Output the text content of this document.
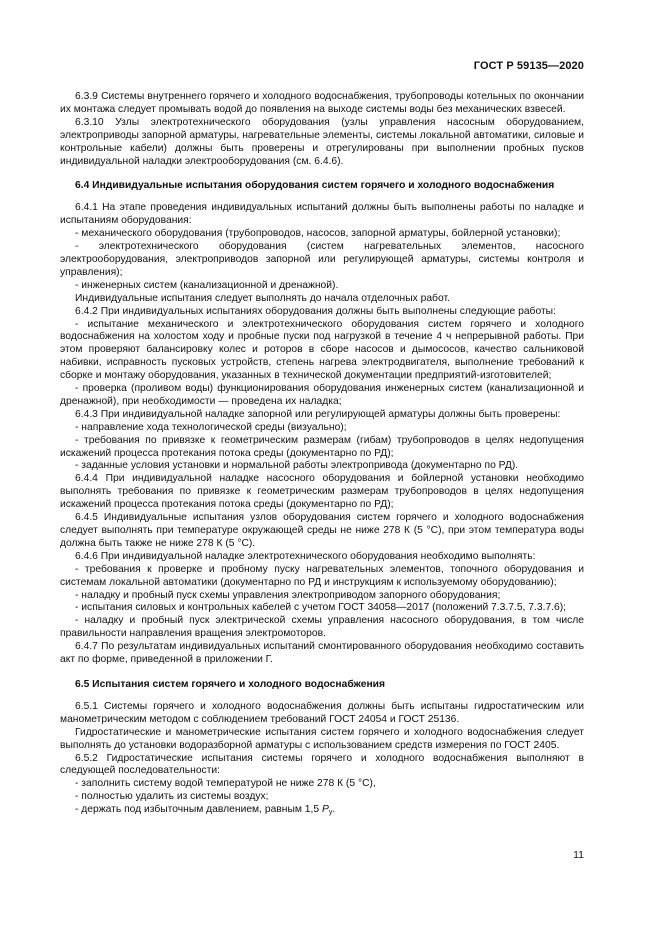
ГОСТ Р 59135—2020

6.3.9 Системы внутреннего горячего и холодного водоснабжения, трубопроводы котельных по окончании их монтажа следует промывать водой до появления на выходе системы воды без механических взвесей.

6.3.10 Узлы электротехнического оборудования (узлы управления насосным оборудованием, электроприводы запорной арматуры, нагревательные элементы, системы локальной автоматики, силовые и контрольные кабели) должны быть проверены и отрегулированы при выполнении пробных пусков индивидуальной наладки электрооборудования (см. 6.4.6).

6.4 Индивидуальные испытания оборудования систем горячего и холодного водоснабжения

6.4.1 На этапе проведения индивидуальных испытаний должны быть выполнены работы по наладке и испытаниям оборудования:

- механического оборудования (трубопроводов, насосов, запорной арматуры, бойлерной установки);

- электротехнического оборудования (систем нагревательных элементов, насосного электрооборудования, электроприводов запорной или регулирующей арматуры, системы контроля и управления);

- инженерных систем (канализационной и дренажной).

Индивидуальные испытания следует выполнять до начала отделочных работ.

6.4.2 При индивидуальных испытаниях оборудования должны быть выполнены следующие работы:

- испытание механического и электротехнического оборудования систем горячего и холодного водоснабжения на холостом ходу и пробные пуски под нагрузкой в течение 4 ч непрерывной работы. При этом проверяют балансировку колес и роторов в сборе насосов и дымососов, качество сальниковой набивки, исправность пусковых устройств, степень нагрева электродвигателя, выполнение требований к сборке и монтажу оборудования, указанных в технической документации предприятий-изготовителей;

- проверка (проливом воды) функционирования оборудования инженерных систем (канализационной и дренажной), при необходимости — проведена их наладка;

6.4.3 При индивидуальной наладке запорной или регулирующей арматуры должны быть проверены:

- направление хода технологической среды (визуально);

- требования по привязке к геометрическим размерам (гибам) трубопроводов в целях недопущения искажений процесса протекания потока среды (документарно по РД);

- заданные условия установки и нормальной работы электропривода (документарно по РД).

6.4.4 При индивидуальной наладке насосного оборудования и бойлерной установки необходимо выполнять требования по привязке к геометрическим размерам трубопроводов в целях недопущения искажений процесса протекания потока среды (документарно по РД);

6.4.5 Индивидуальные испытания узлов оборудования систем горячего и холодного водоснабжения следует выполнять при температуре окружающей среды не ниже 278 К (5 °С), при этом температура воды должна быть также не ниже 278 К (5 °С).

6.4.6 При индивидуальной наладке электротехнического оборудования необходимо выполнять:

- требования к проверке и пробному пуску нагревательных элементов, топочного оборудования и системам локальной автоматики (документарно по РД и инструкциям к используемому оборудованию);

- наладку и пробный пуск схемы управления электроприводом запорного оборудования;

- испытания силовых и контрольных кабелей с учетом ГОСТ 34058—2017 (положений 7.3.7.5, 7.3.7.6);

- наладку и пробный пуск электрической схемы управления насосного оборудования, в том числе правильности направления вращения электромоторов.

6.4.7 По результатам индивидуальных испытаний смонтированного оборудования необходимо составить акт по форме, приведенной в приложении Г.

6.5 Испытания систем горячего и холодного водоснабжения

6.5.1 Системы горячего и холодного водоснабжения должны быть испытаны гидростатическим или манометрическим методом с соблюдением требований ГОСТ 24054 и ГОСТ 25136.

Гидростатические и манометрические испытания систем горячего и холодного водоснабжения следует выполнять до установки водоразборной арматуры с использованием средств измерения по ГОСТ 2405.

6.5.2 Гидростатические испытания системы горячего и холодного водоснабжения выполняют в следующей последовательности:

- заполнить систему водой температурой не ниже 278 К (5 °С),

- полностью удалить из системы воздух;

- держать под избыточным давлением, равным 1,5 $P_у$.

11
